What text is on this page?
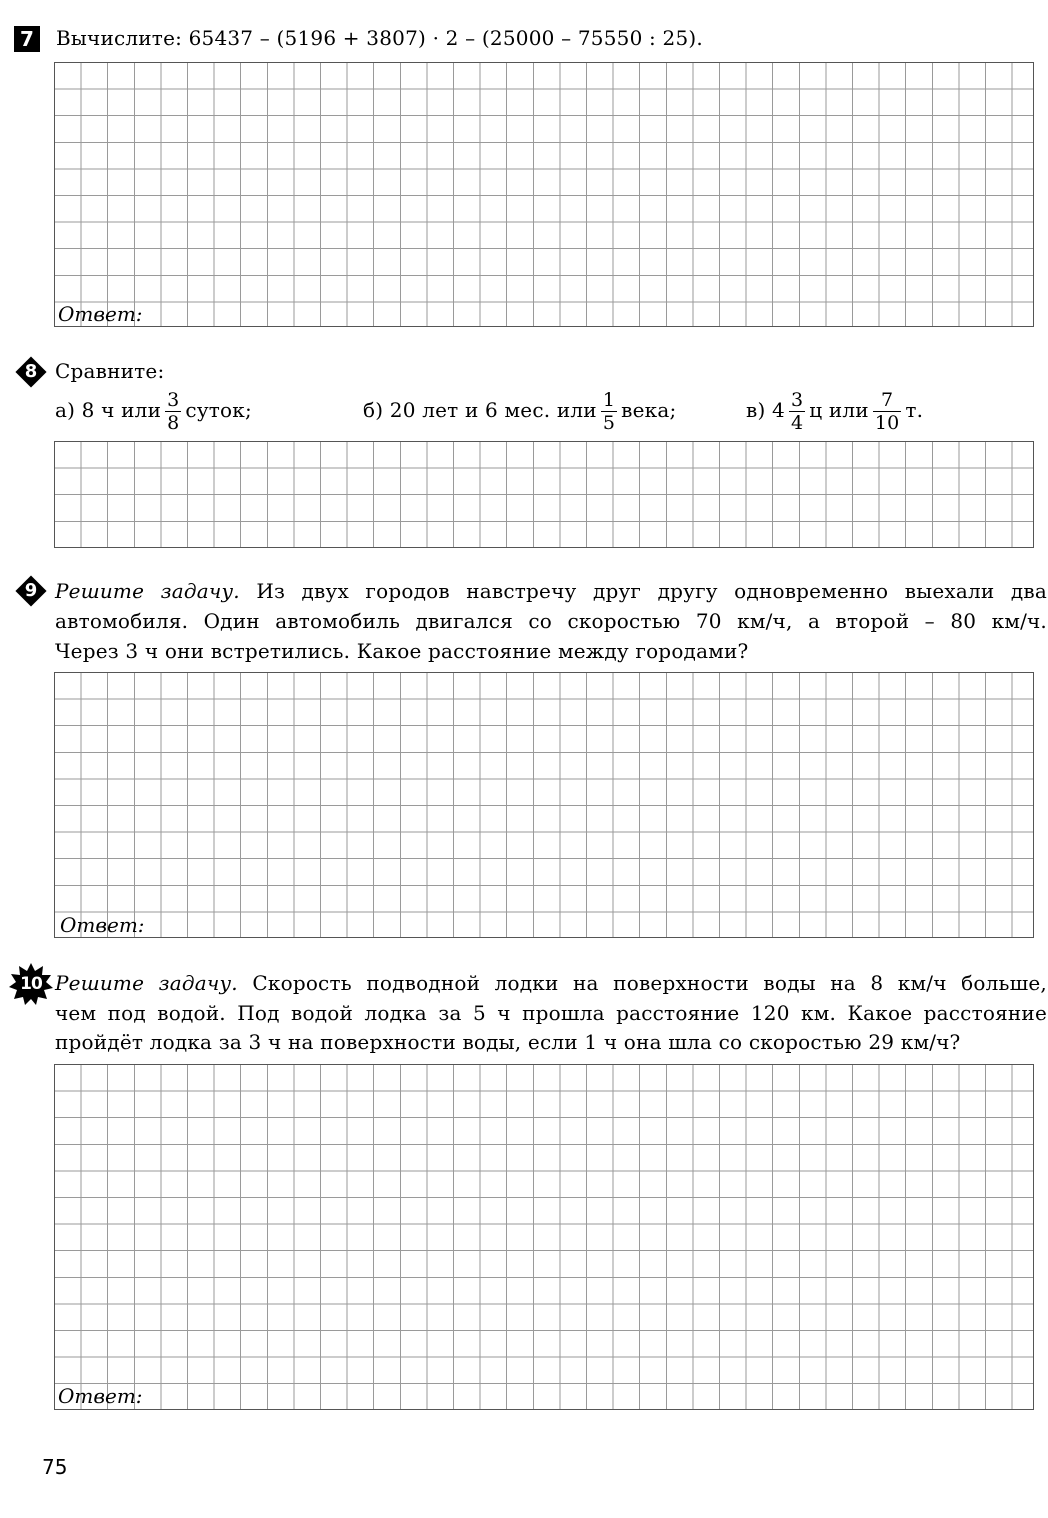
7	Вычислите: 65437 – (5196 + 3807) · 2 – (25000 – 75550 : 25).
Ответ:
8 Сравните:
а) 8 ч или $\frac{3}{8}$ суток;	б) 20 лет и 6 мес. или $\frac{1}{5}$ века;	в) $4 \frac{3}{4}$ ц или $\frac{7}{10} т$.
9 Решите задачу. Из двух городов навстречу друг другу одновременно выехали два
автомобиля. Один автомобиль двигался со скоростью 70 км/ч, а второй – 80 км/ч.
Через 3 ч они встретились. Какое расстояние между городами?
Ответ:
10 Решите задачу. Скорость подводной лодки на поверхности воды на 8 км/ч больше,
чем под водой. Под водой лодка за 5 ч прошла расстояние 120 км. Какое расстояние
пройдёт лодка за 3 ч на поверхности воды, если 1 ч она шла со скоростью 29 км/ч?
Ответ:
75
